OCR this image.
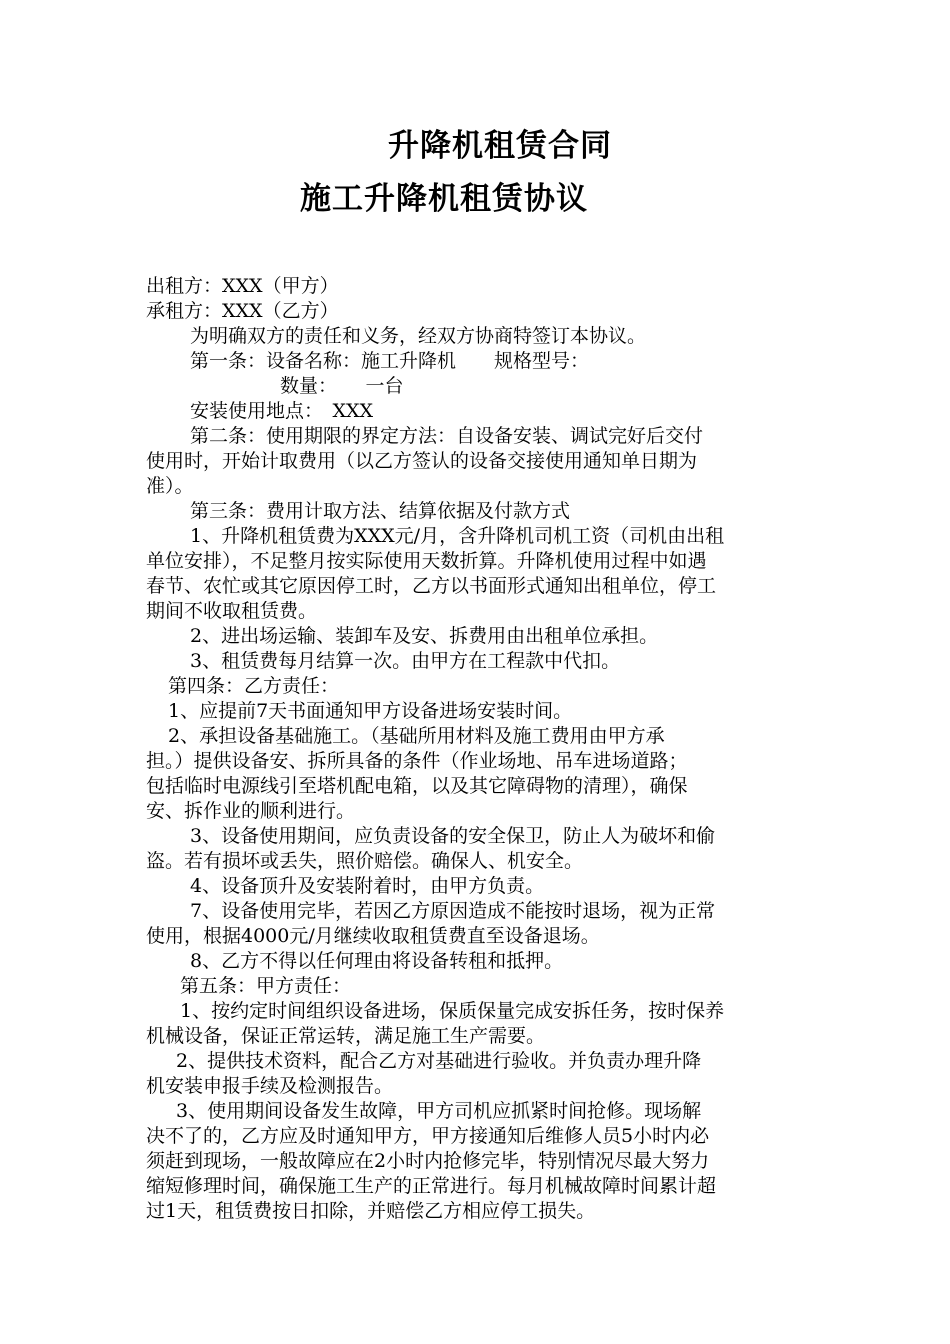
升降机租赁合同
施工升降机租赁协议
出租方：XXX（甲方）
承租方：XXX（乙方）
为明确双方的责任和义务，经双方协商特签订本协议。
第一条：设备名称：施工升降机　　规格型号：
数量：　　一台
安装使用地点：　XXX
第二条：使用期限的界定方法：自设备安装、调试完好后交付
使用时，开始计取费用（以乙方签认的设备交接使用通知单日期为
准）。
第三条：费用计取方法、结算依据及付款方式
1、升降机租赁费为XXX元/月，含升降机司机工资（司机由出租
单位安排），不足整月按实际使用天数折算。升降机使用过程中如遇
春节、农忙或其它原因停工时，乙方以书面形式通知出租单位，停工
期间不收取租赁费。
2、进出场运输、装卸车及安、拆费用由出租单位承担。
3、租赁费每月结算一次。由甲方在工程款中代扣。
第四条：乙方责任：
1、应提前7天书面通知甲方设备进场安装时间。
2、承担设备基础施工。（基础所用材料及施工费用由甲方承
担。）提供设备安、拆所具备的条件（作业场地、吊车进场道路；
包括临时电源线引至塔机配电箱，以及其它障碍物的清理），确保
安、拆作业的顺利进行。
3、设备使用期间，应负责设备的安全保卫，防止人为破坏和偷
盗。若有损坏或丢失，照价赔偿。确保人、机安全。
4、设备顶升及安装附着时，由甲方负责。
7、设备使用完毕，若因乙方原因造成不能按时退场，视为正常
使用，根据4000元/月继续收取租赁费直至设备退场。
8、乙方不得以任何理由将设备转租和抵押。
第五条：甲方责任：
1、按约定时间组织设备进场，保质保量完成安拆任务，按时保养
机械设备，保证正常运转，满足施工生产需要。
2、提供技术资料，配合乙方对基础进行验收。并负责办理升降
机安装申报手续及检测报告。
3、使用期间设备发生故障，甲方司机应抓紧时间抢修。现场解
决不了的，乙方应及时通知甲方，甲方接通知后维修人员5小时内必
须赶到现场，一般故障应在2小时内抢修完毕，特别情况尽最大努力
缩短修理时间，确保施工生产的正常进行。每月机械故障时间累计超
过1天，租赁费按日扣除，并赔偿乙方相应停工损失。
